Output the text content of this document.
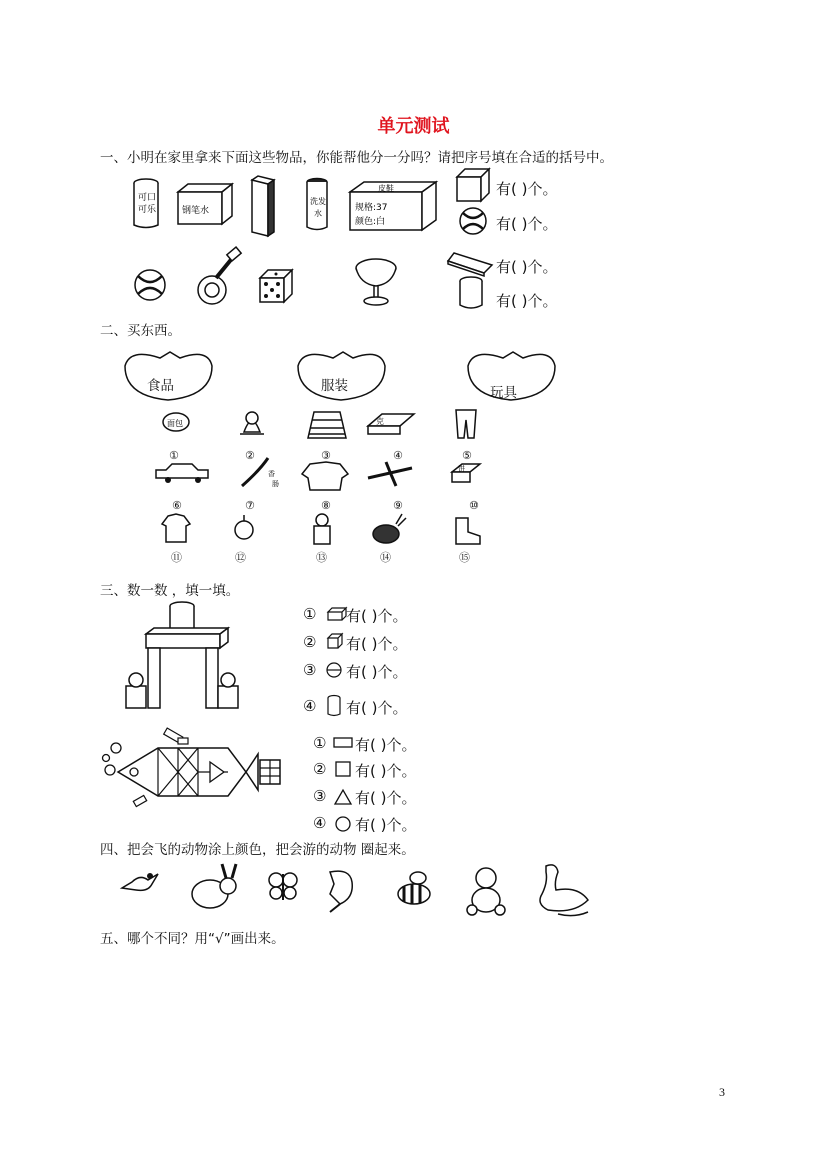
单元测试
一、小明在家里拿来下面这些物品，你能帮他分一分吗？请把序号填在合适的括号中。
可口
可乐	钢笔水
洗发
水
皮鞋
规格:37
颜色:白
有( )个。
有( )个。
有( )个。
有( )个。
二、买东西。
食品	服装	玩具
面包	克
香
肠
饼
①	②	③	④	⑤
⑥	⑦	⑧	⑨	⑩
⑪	⑫	⑬	⑭	⑮
三、数一数 ，填一填。
① 有( )个。
② 有( )个。
③ 有( )个。
④ 有( )个。
① 有( )个。
② 有( )个。
③ 有( )个。
④ 有( )个。
四、把会飞的动物涂上颜色，把会游的动物 圈起来。
五、哪个不同？用“√”画出来。
3
